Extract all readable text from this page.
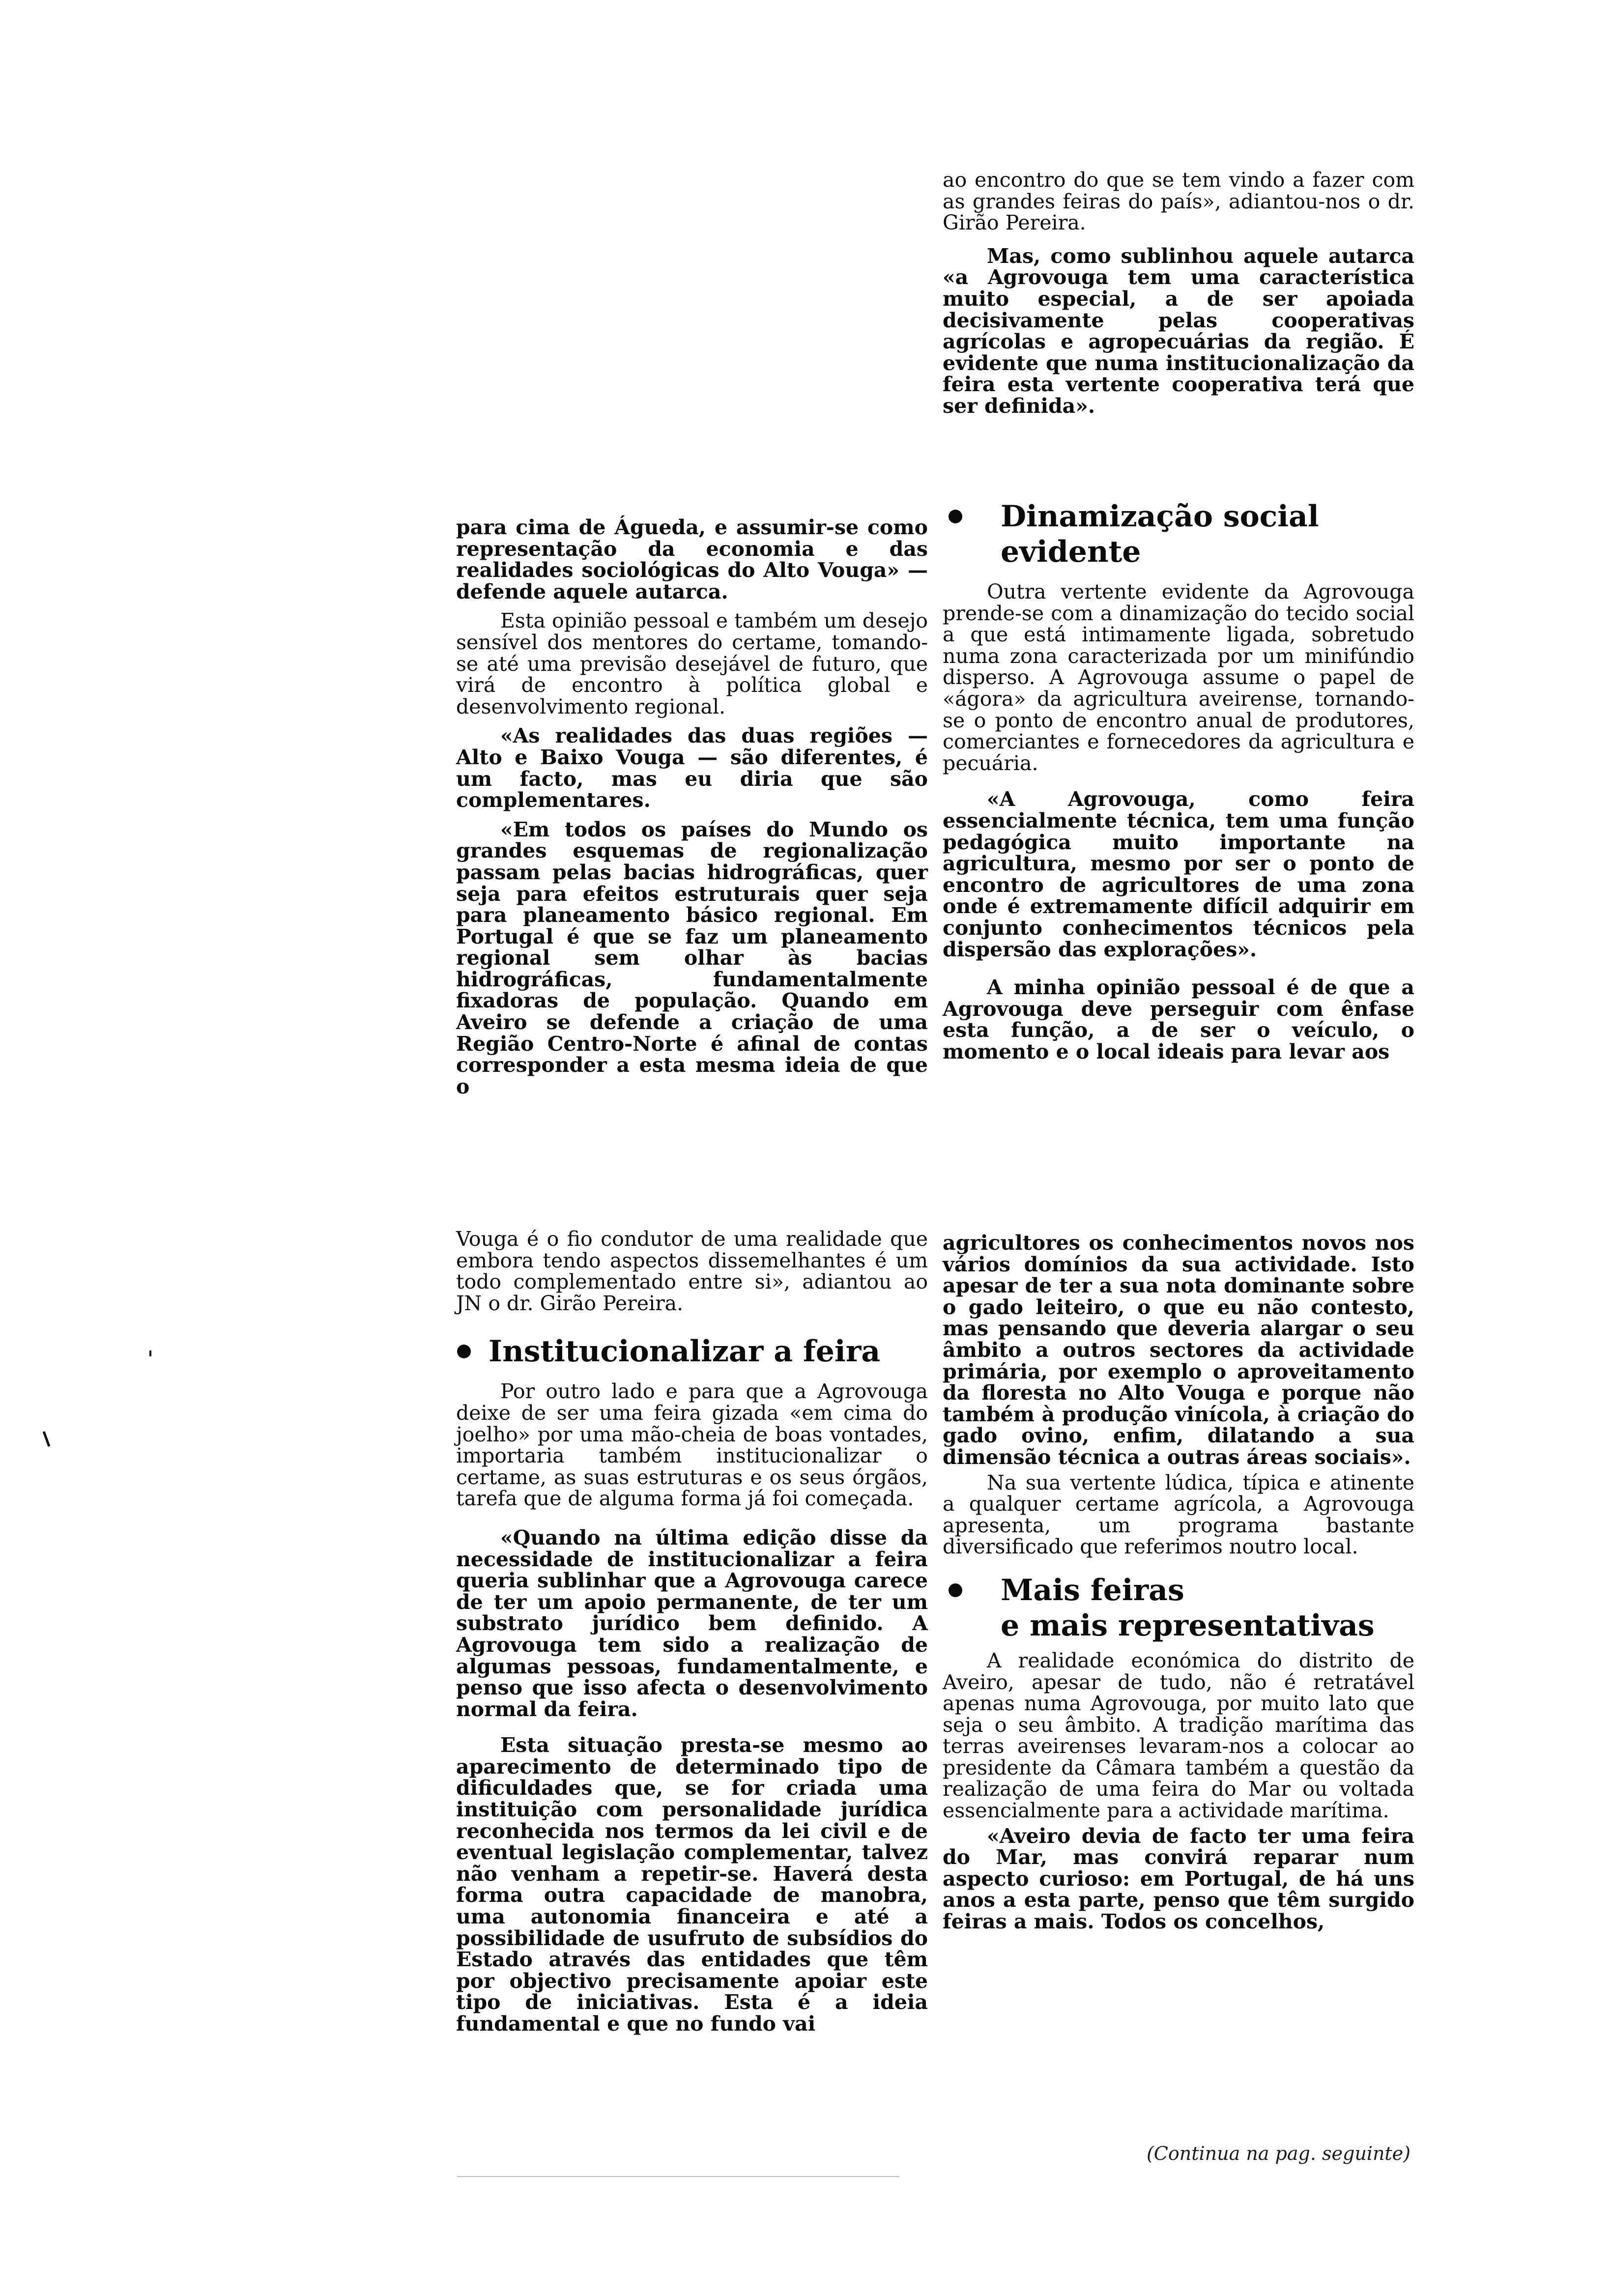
ao encontro do que se tem vindo a fazer com as grandes feiras do país», adiantou-nos o dr. Girão Pereira.

Mas, como sublinhou aquele autarca «a Agrovouga tem uma característica muito especial, a de ser apoiada decisivamente pelas cooperativas agrícolas e agropecuárias da região. É evidente que numa institucionalização da feira esta vertente cooperativa terá que ser definida».

para cima de Águeda, e assumir-se como representação da economia e das realidades sociológicas do Alto Vouga» — defende aquele autarca.

Esta opinião pessoal e também um desejo sensível dos mentores do certame, tomando-se até uma previsão desejável de futuro, que virá de encontro à política global e desenvolvimento regional.

«As realidades das duas regiões — Alto e Baixo Vouga — são diferentes, é um facto, mas eu diria que são complementares.

«Em todos os países do Mundo os grandes esquemas de regionalização passam pelas bacias hidrográficas, quer seja para efeitos estruturais quer seja para planeamento básico regional. Em Portugal é que se faz um planeamento regional sem olhar às bacias hidrográficas, fundamentalmente fixadoras de população. Quando em Aveiro se defende a criação de uma Região Centro-Norte é afinal de contas corresponder a esta mesma ideia de que o

Vouga é o fio condutor de uma realidade que embora tendo aspectos dissemelhantes é um todo complementado entre si», adiantou ao JN o dr. Girão Pereira.

Institucionalizar a feira

Por outro lado e para que a Agrovouga deixe de ser uma feira gizada «em cima do joelho» por uma mão-cheia de boas vontades, importaria também institucionalizar o certame, as suas estruturas e os seus órgãos, tarefa que de alguma forma já foi começada.

«Quando na última edição disse da necessidade de institucionalizar a feira queria sublinhar que a Agrovouga carece de ter um apoio permanente, de ter um substrato jurídico bem definido. A Agrovouga tem sido a realização de algumas pessoas, fundamentalmente, e penso que isso afecta o desenvolvimento normal da feira.

Esta situação presta-se mesmo ao aparecimento de determinado tipo de dificuldades que, se for criada uma instituição com personalidade jurídica reconhecida nos termos da lei civil e de eventual legislação complementar, talvez não venham a repetir-se. Haverá desta forma outra capacidade de manobra, uma autonomia financeira e até a possibilidade de usufruto de subsídios do Estado através das entidades que têm por objectivo precisamente apoiar este tipo de iniciativas. Esta é a ideia fundamental e que no fundo vai

Dinamização social evidente

Outra vertente evidente da Agrovouga prende-se com a dinamização do tecido social a que está intimamente ligada, sobretudo numa zona caracterizada por um minifúndio disperso. A Agrovouga assume o papel de «ágora» da agricultura aveirense, tornando-se o ponto de encontro anual de produtores, comerciantes e fornecedores da agricultura e pecuária.

«A Agrovouga, como feira essencialmente técnica, tem uma função pedagógica muito importante na agricultura, mesmo por ser o ponto de encontro de agricultores de uma zona onde é extremamente difícil adquirir em conjunto conhecimentos técnicos pela dispersão das explorações».

A minha opinião pessoal é de que a Agrovouga deve perseguir com ênfase esta função, a de ser o veículo, o momento e o local ideais para levar aos

agricultores os conhecimentos novos nos vários domínios da sua actividade. Isto apesar de ter a sua nota dominante sobre o gado leiteiro, o que eu não contesto, mas pensando que deveria alargar o seu âmbito a outros sectores da actividade primária, por exemplo o aproveitamento da floresta no Alto Vouga e porque não também à produção vinícola, à criação do gado ovino, enfim, dilatando a sua dimensão técnica a outras áreas sociais».

Na sua vertente lúdica, típica e atinente a qualquer certame agrícola, a Agrovouga apresenta, um programa bastante diversificado que referimos noutro local.

Mais feiras
e mais representativas

A realidade económica do distrito de Aveiro, apesar de tudo, não é retratável apenas numa Agrovouga, por muito lato que seja o seu âmbito. A tradição marítima das terras aveirenses levaram-nos a colocar ao presidente da Câmara também a questão da realização de uma feira do Mar ou voltada essencialmente para a actividade marítima.

«Aveiro devia de facto ter uma feira do Mar, mas convirá reparar num aspecto curioso: em Portugal, de há uns anos a esta parte, penso que têm surgido feiras a mais. Todos os concelhos,

(Continua na pag. seguinte)
